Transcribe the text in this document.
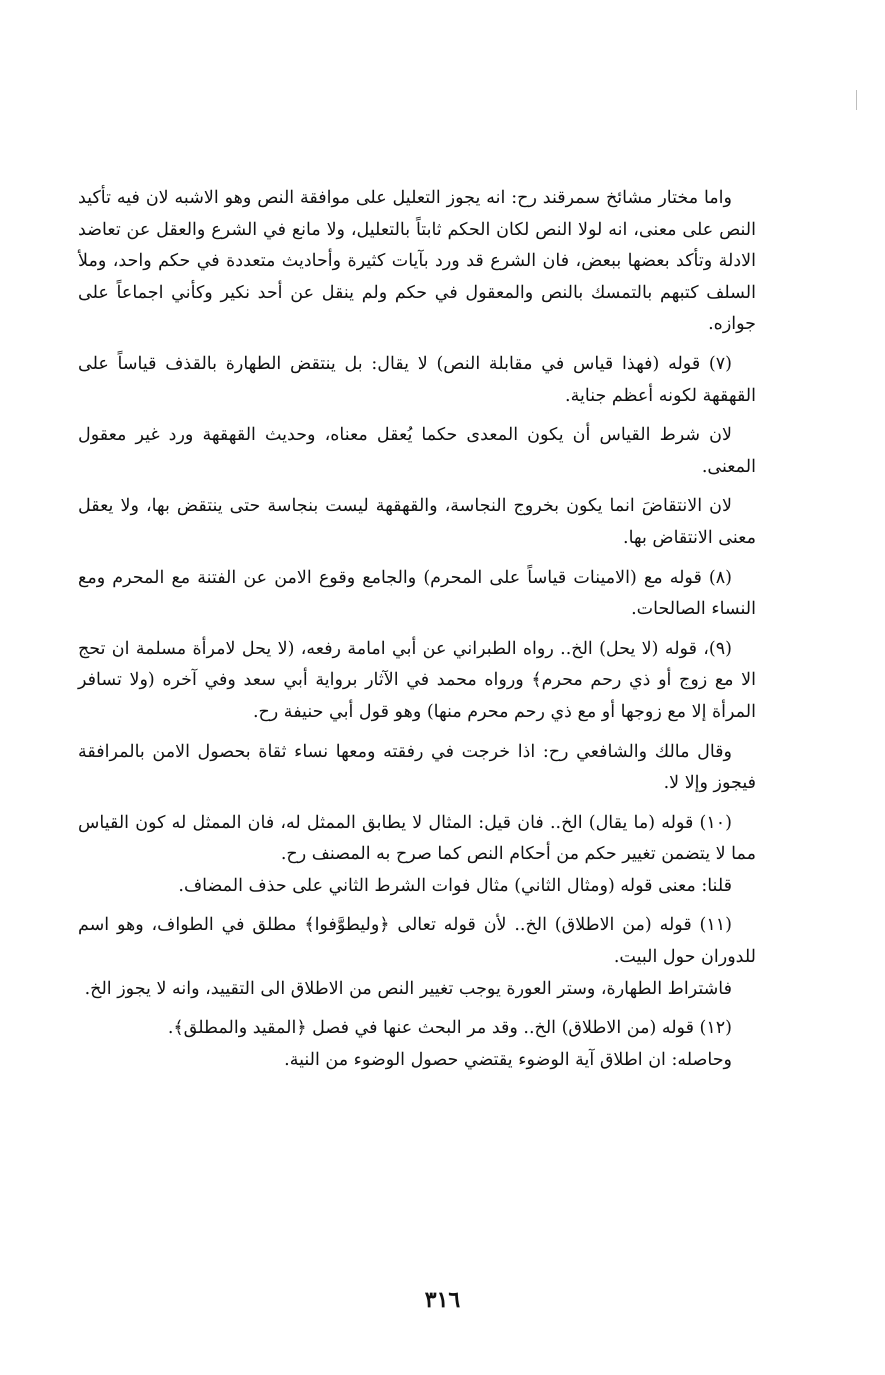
واما مختار مشائخ سمرقند رح: انه يجوز التعليل على موافقة النص وهو الاشبه لان فيه تأكيد النص على معنى، انه لولا النص لكان الحكم ثابتاً بالتعليل، ولا مانع في الشرع والعقل عن تعاضد الادلة وتأكد بعضها ببعض، فان الشرع قد ورد بآيات كثيرة وأحاديث متعددة في حكم واحد، وملأ السلف كتبهم بالتمسك بالنص والمعقول في حكم ولم ينقل عن أحد نكير وكأني اجماعاً على جوازه.

(٧) قوله (فهذا قياس في مقابلة النص) لا يقال: بل ينتقض الطهارة بالقذف قياساً على القهقهة لكونه أعظم جناية.

لان شرط القياس أن يكون المعدى حكما يُعقل معناه، وحديث القهقهة ورد غير معقول المعنى.

لان الانتقاضَ انما يكون بخروج النجاسة، والقهقهة ليست بنجاسة حتى ينتقض بها، ولا يعقل معنى الانتقاض بها.

(٨) قوله مع (الامينات قياساً على المحرم) والجامع وقوع الامن عن الفتنة مع المحرم ومع النساء الصالحات.

(٩)، قوله (لا يحل) الخ.. رواه الطبراني عن أبي امامة رفعه، (لا يحل لامرأة مسلمة ان تحج الا مع زوج أو ذي رحم محرم﴾ ورواه محمد في الآثار برواية أبي سعد وفي آخره (ولا تسافر المرأة إلا مع زوجها أو مع ذي رحم محرم منها) وهو قول أبي حنيفة رح.

وقال مالك والشافعي رح: اذا خرجت في رفقته ومعها نساء ثقاة بحصول الامن بالمرافقة فيجوز وإلا لا.

(١٠) قوله (ما يقال) الخ.. فان قيل: المثال لا يطابق الممثل له، فان الممثل له كون القياس مما لا يتضمن تغيير حكم من أحكام النص كما صرح به المصنف رح.

قلنا: معنى قوله (ومثال الثاني) مثال فوات الشرط الثاني على حذف المضاف.

(١١) قوله (من الاطلاق) الخ.. لأن قوله تعالى ﴿وليطوَّفوا﴾ مطلق في الطواف، وهو اسم للدوران حول البيت.

فاشتراط الطهارة، وستر العورة يوجب تغيير النص من الاطلاق الى التقييد، وانه لا يجوز الخ.

(١٢) قوله (من الاطلاق) الخ.. وقد مر البحث عنها في فصل ﴿المقيد والمطلق﴾.

وحاصله: ان اطلاق آية الوضوء يقتضي حصول الوضوء من النية.

٣١٦
